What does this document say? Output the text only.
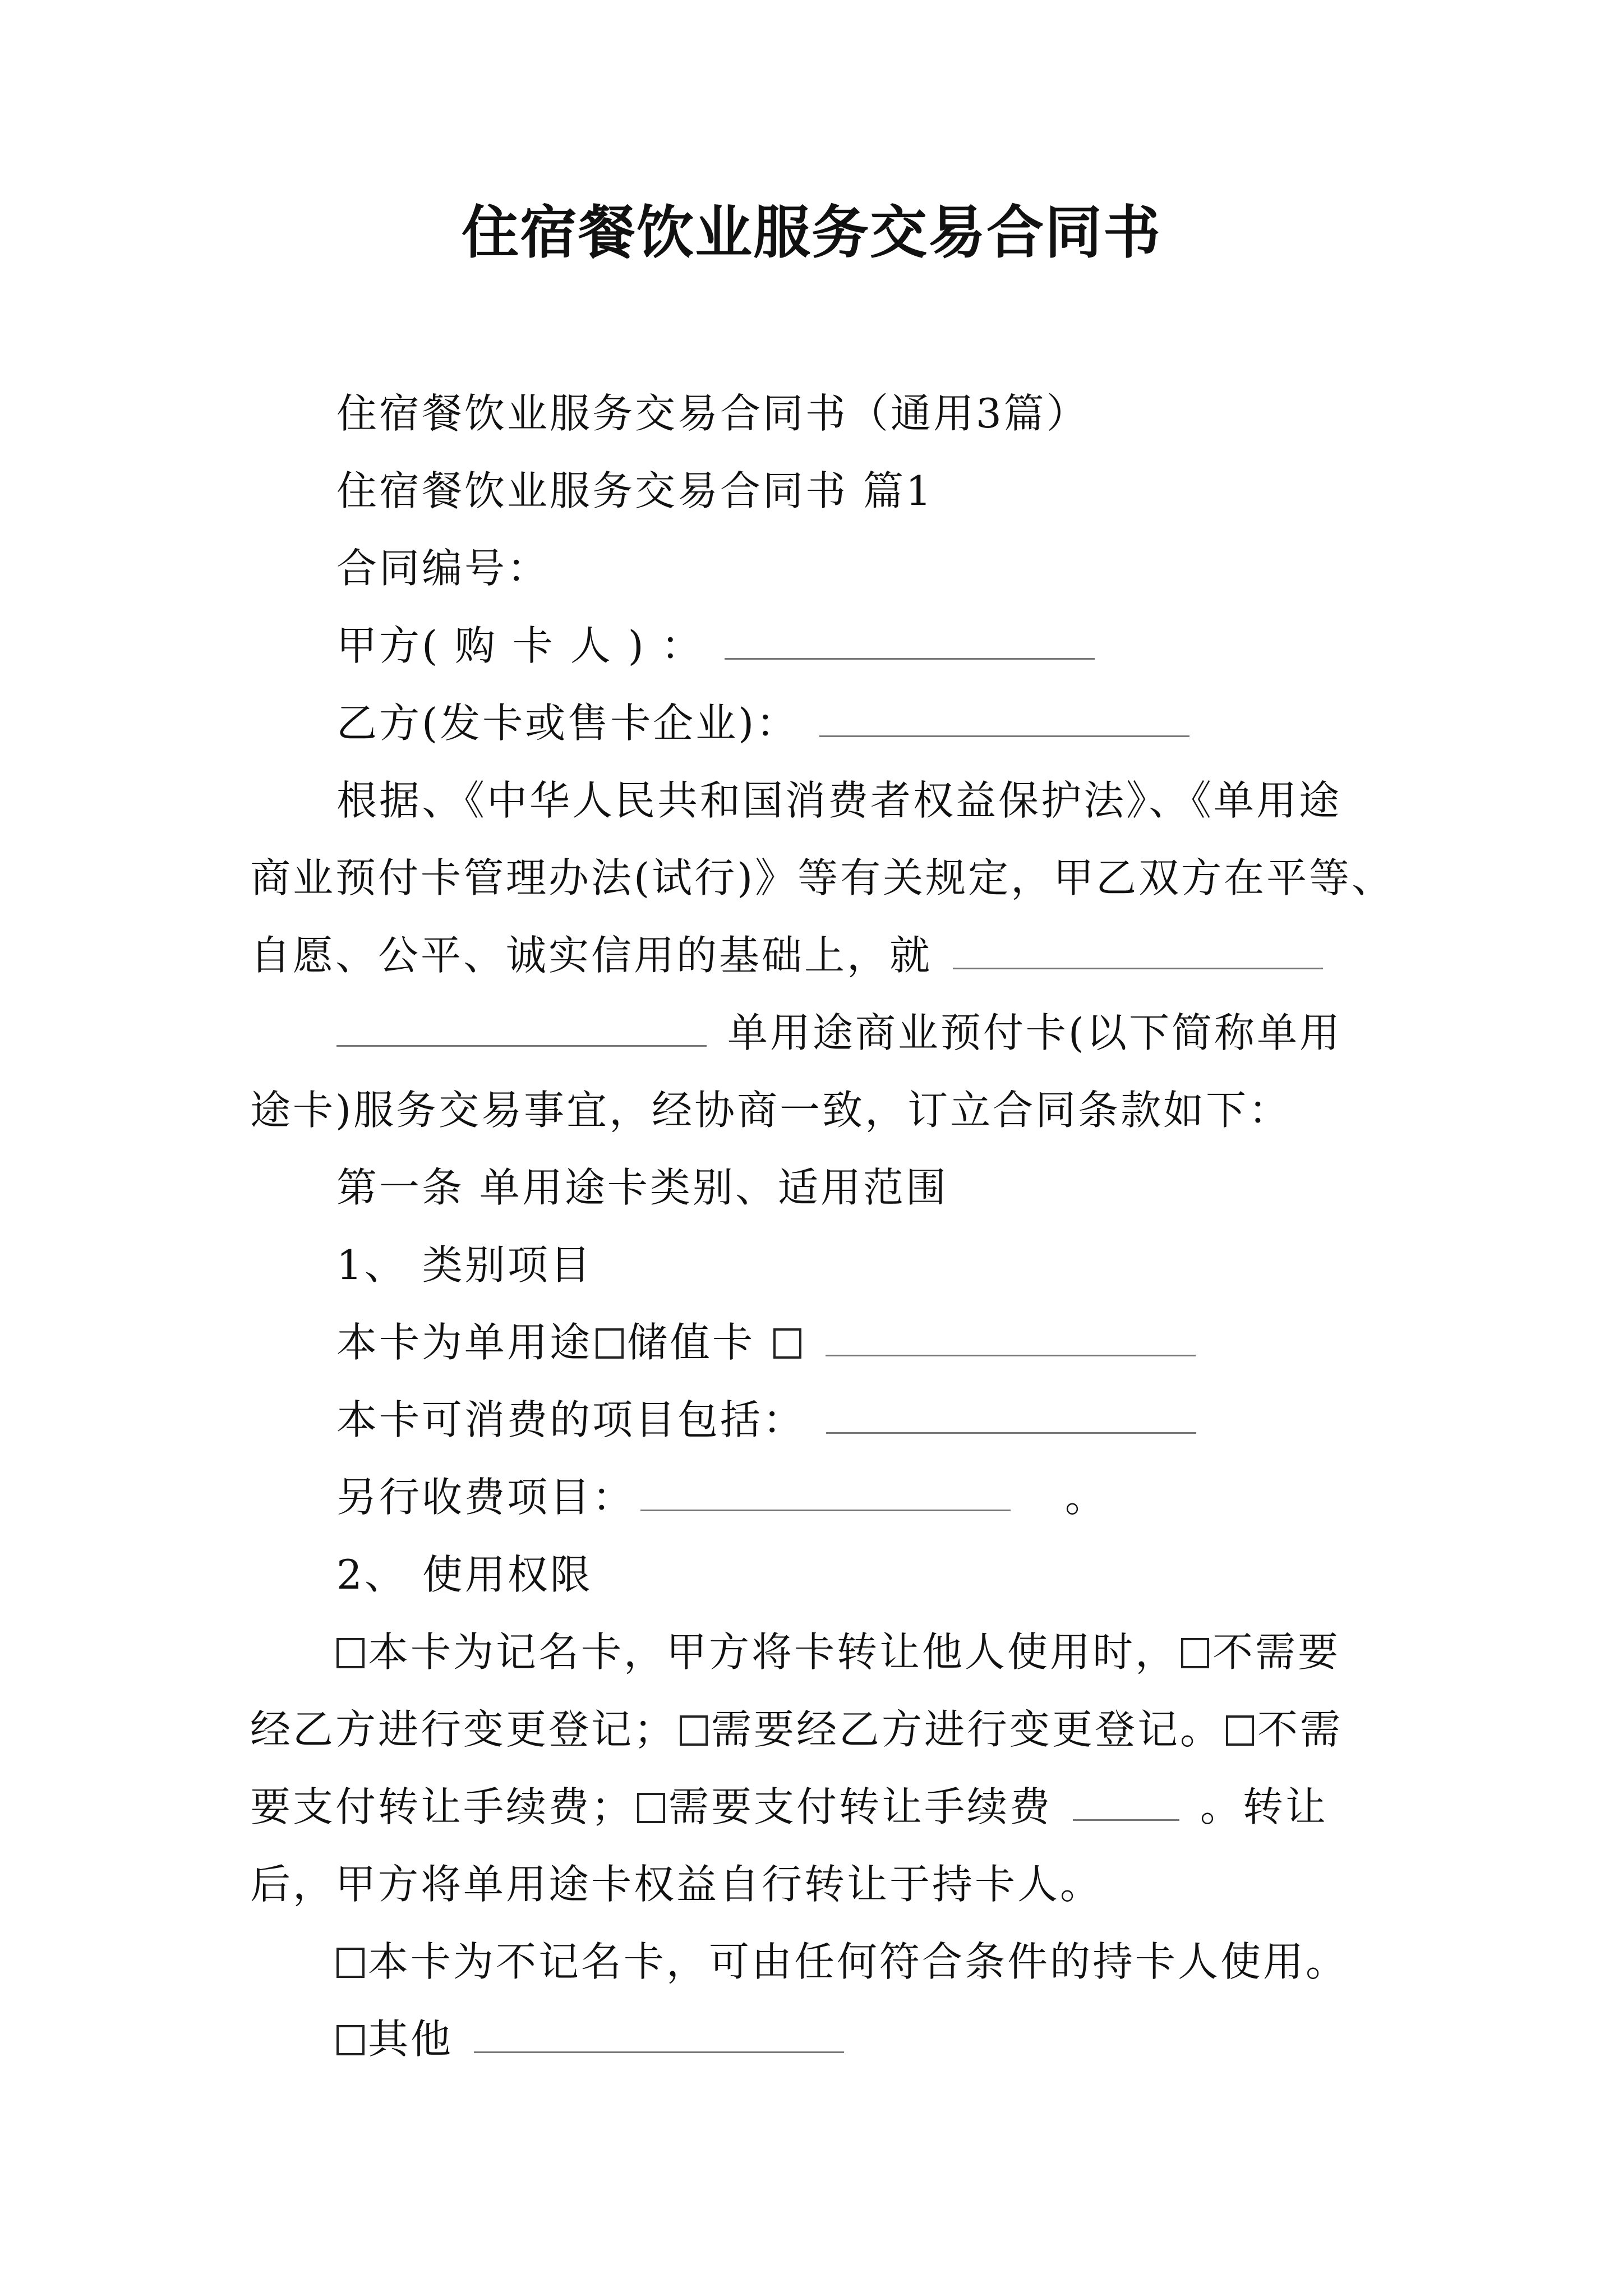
住宿餐饮业服务交易合同书
住宿餐饮业服务交易合同书（通用3篇）
住宿餐饮业服务交易合同书 篇1
合同编号：
甲方( 购 卡 人 ) ：
乙方(发卡或售卡企业)：
根据、《中华人民共和国消费者权益保护法》、《单用途
商业预付卡管理办法(试行)》等有关规定，甲乙双方在平等、
自愿、公平、诚实信用的基础上，就
单用途商业预付卡(以下简称单用
途卡)服务交易事宜，经协商一致，订立合同条款如下：
第一条 单用途卡类别、适用范围
1、 类别项目
本卡为单用途 储值卡
本卡可消费的项目包括：
另行收费项目：	。
2、 使用权限
本卡为记名卡，甲方将卡转让他人使用时， 不需要
经乙方进行变更登记； 需要经乙方进行变更登记。 不需
要支付转让手续费； 需要支付转让手续费	。转让
后，甲方将单用途卡权益自行转让于持卡人。
本卡为不记名卡，可由任何符合条件的持卡人使用。
其他
